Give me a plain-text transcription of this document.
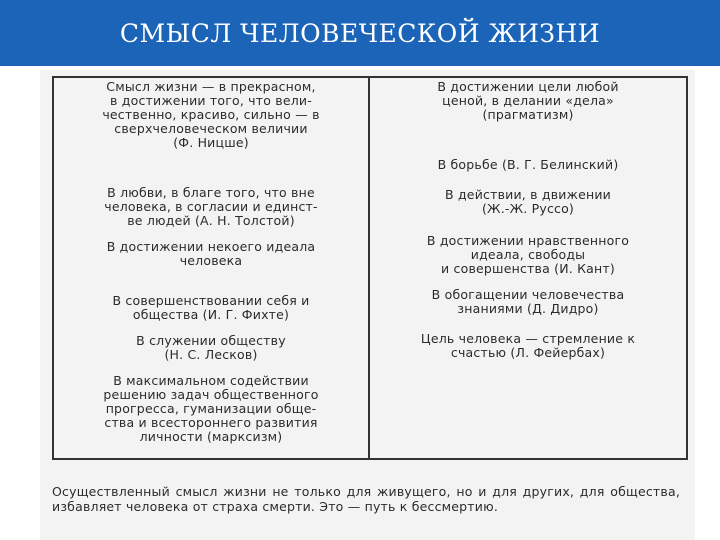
СМЫСЛ ЧЕЛОВЕЧЕСКОЙ ЖИЗНИ
Смысл жизни — в прекрасном,
в достижении того, что вели-
чественно, красиво, сильно — в
сверхчеловеческом величии
(Ф. Ницше)
В любви, в благе того, что вне
человека, в согласии и единст-
ве людей (А. Н. Толстой)
В достижении некоего идеала
человека
В совершенствовании себя и
общества (И. Г. Фихте)
В служении обществу
(Н. С. Лесков)
В максимальном содействии
решению задач общественного
прогресса, гуманизации обще-
ства и всестороннего развития
личности (марксизм)
В достижении цели любой
ценой, в делании «дела»
(прагматизм)
В борьбе (В. Г. Белинский)
В действии, в движении
(Ж.-Ж. Руссо)
В достижении нравственного
идеала, свободы
и совершенства (И. Кант)
В обогащении человечества
знаниями (Д. Дидро)
Цель человека — стремление к
счастью (Л. Фейербах)
Осуществленный смысл жизни не только для живущего, но и для других, для общества, избавляет человека от страха смерти. Это — путь к бессмертию.
